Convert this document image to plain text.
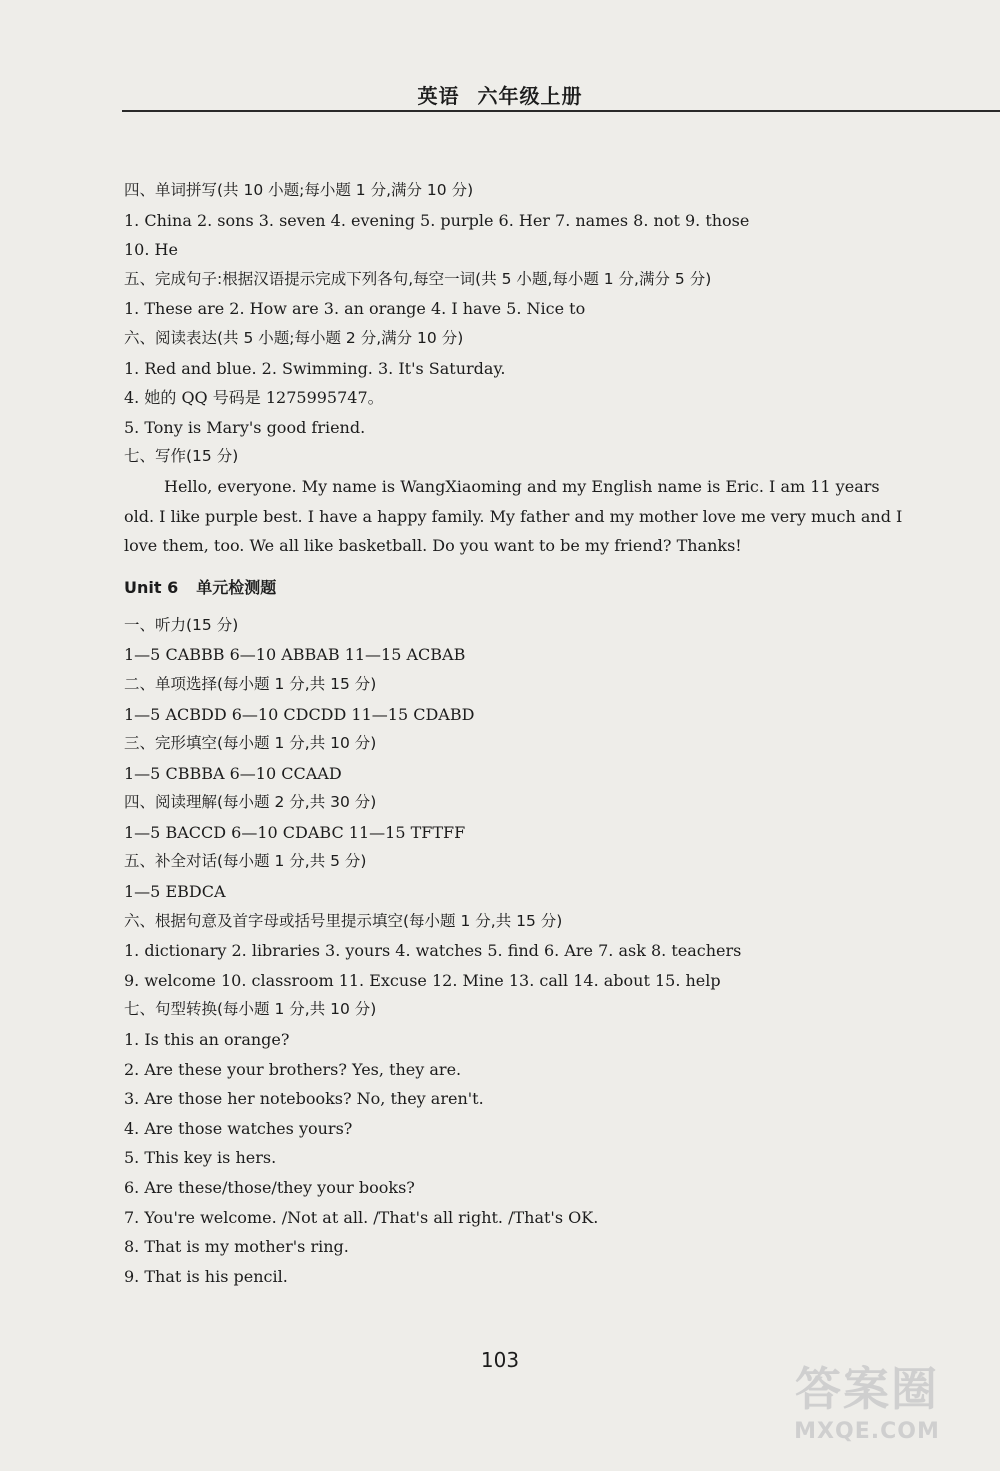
英语 六年级上册
四、单词拼写(共 10 小题;每小题 1 分,满分 10 分)
1. China 2. sons 3. seven 4. evening 5. purple 6. Her 7. names 8. not 9. those
10. He
五、完成句子:根据汉语提示完成下列各句,每空一词(共 5 小题,每小题 1 分,满分 5 分)
1. These are 2. How are 3. an orange 4. I have 5. Nice to
六、阅读表达(共 5 小题;每小题 2 分,满分 10 分)
1. Red and blue. 2. Swimming. 3. It's Saturday.
4. 她的 QQ 号码是 1275995747。
5. Tony is Mary's good friend.
七、写作(15 分)
Hello, everyone. My name is WangXiaoming and my English name is Eric. I am 11 years old. I like purple best. I have a happy family. My father and my mother love me very much and I love them, too. We all like basketball. Do you want to be my friend? Thanks!
Unit 6 单元检测题
一、听力(15 分)
1—5 CABBB 6—10 ABBAB 11—15 ACBAB
二、单项选择(每小题 1 分,共 15 分)
1—5 ACBDD 6—10 CDCDD 11—15 CDABD
三、完形填空(每小题 1 分,共 10 分)
1—5 CBBBA 6—10 CCAAD
四、阅读理解(每小题 2 分,共 30 分)
1—5 BACCD 6—10 CDABC 11—15 TFTFF
五、补全对话(每小题 1 分,共 5 分)
1—5 EBDCA
六、根据句意及首字母或括号里提示填空(每小题 1 分,共 15 分)
1. dictionary 2. libraries 3. yours 4. watches 5. find 6. Are 7. ask 8. teachers
9. welcome 10. classroom 11. Excuse 12. Mine 13. call 14. about 15. help
七、句型转换(每小题 1 分,共 10 分)
1. Is this an orange?
2. Are these your brothers? Yes, they are.
3. Are those her notebooks? No, they aren't.
4. Are those watches yours?
5. This key is hers.
6. Are these/those/they your books?
7. You're welcome. /Not at all. /That's all right. /That's OK.
8. That is my mother's ring.
9. That is his pencil.
103
答案圈
MXQE.COM
